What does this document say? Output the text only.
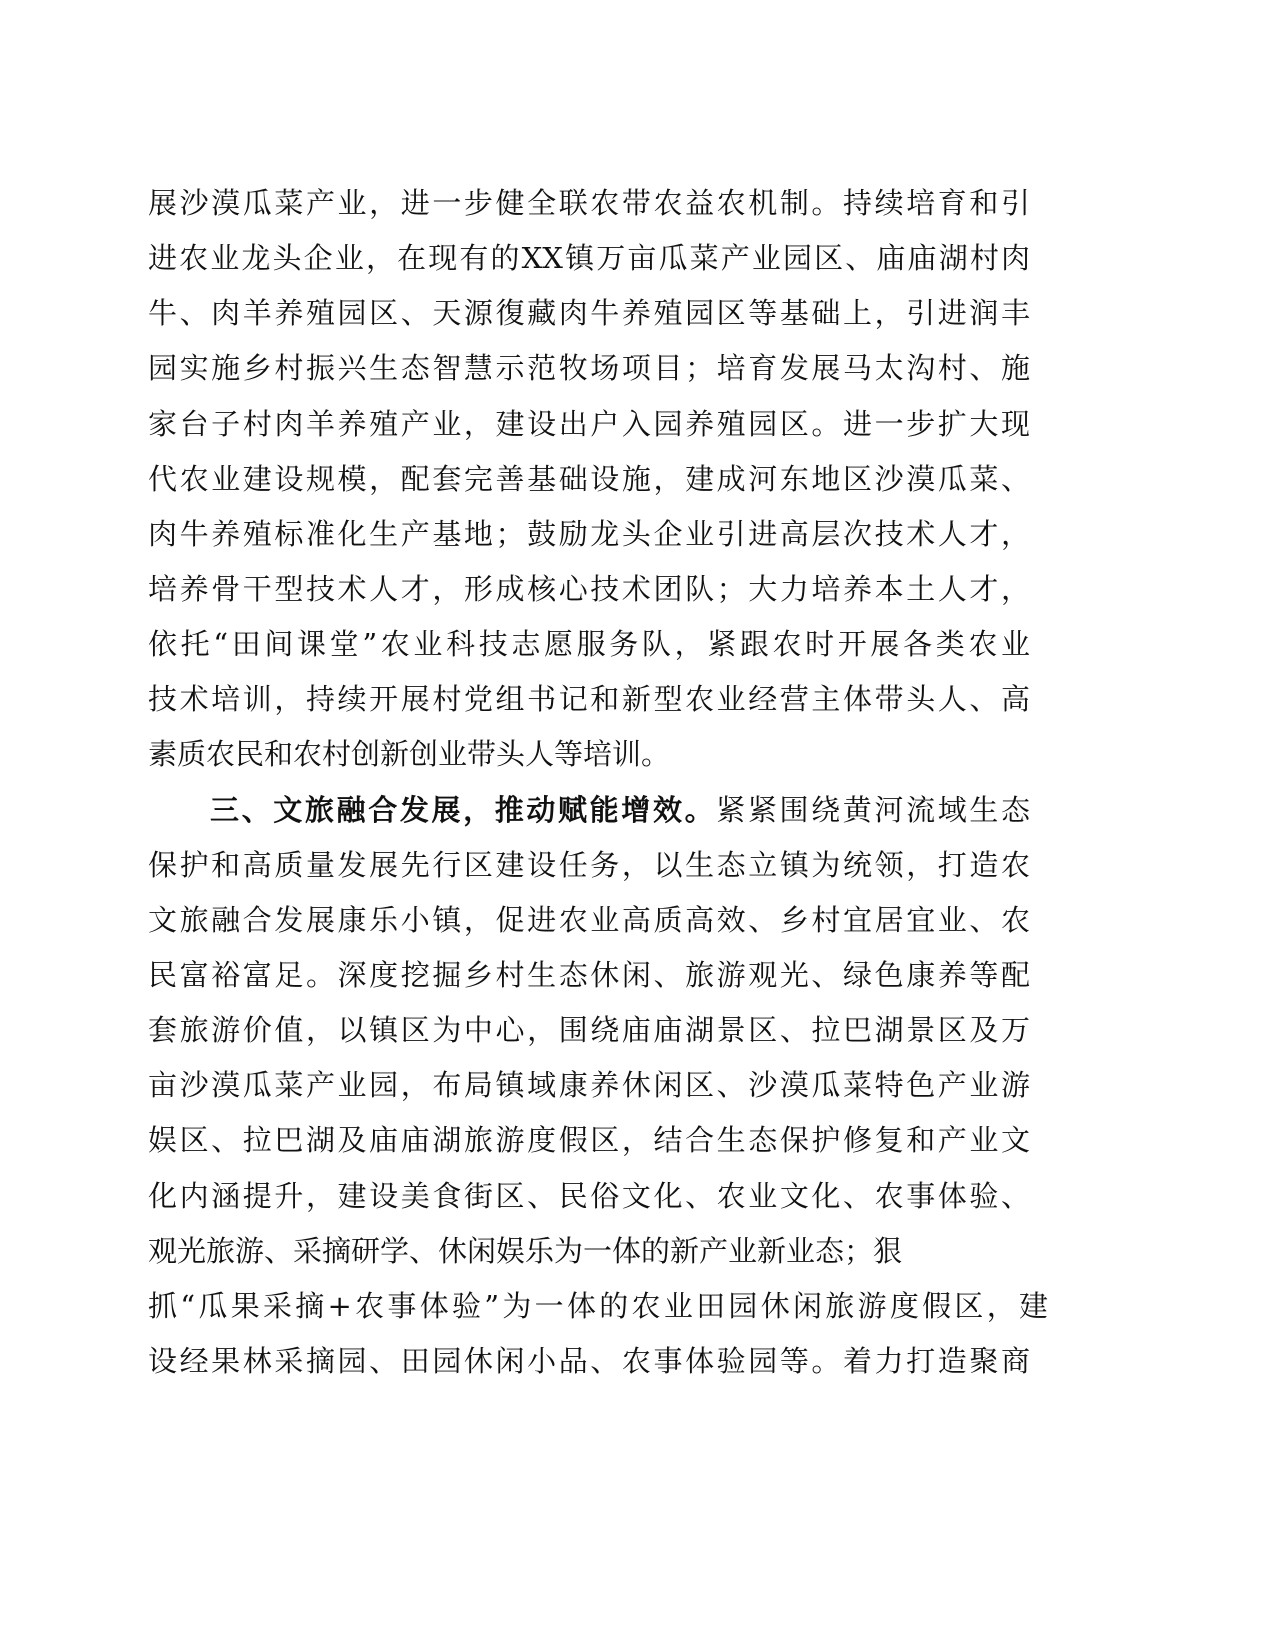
展沙漠瓜菜产业，进一步健全联农带农益农机制。持续培育和引
进农业龙头企业，在现有的XX镇万亩瓜菜产业园区、庙庙湖村肉
牛、肉羊养殖园区、天源復藏肉牛养殖园区等基础上，引进润丰
园实施乡村振兴生态智慧示范牧场项目；培育发展马太沟村、施
家台子村肉羊养殖产业，建设出户入园养殖园区。进一步扩大现
代农业建设规模，配套完善基础设施，建成河东地区沙漠瓜菜、
肉牛养殖标准化生产基地；鼓励龙头企业引进高层次技术人才，
培养骨干型技术人才，形成核心技术团队；大力培养本土人才，
依托“田间课堂”农业科技志愿服务队，紧跟农时开展各类农业
技术培训，持续开展村党组书记和新型农业经营主体带头人、高
素质农民和农村创新创业带头人等培训。
三、文旅融合发展，推动赋能增效。紧紧围绕黄河流域生态
保护和高质量发展先行区建设任务，以生态立镇为统领，打造农
文旅融合发展康乐小镇，促进农业高质高效、乡村宜居宜业、农
民富裕富足。深度挖掘乡村生态休闲、旅游观光、绿色康养等配
套旅游价值，以镇区为中心，围绕庙庙湖景区、拉巴湖景区及万
亩沙漠瓜菜产业园，布局镇域康养休闲区、沙漠瓜菜特色产业游
娱区、拉巴湖及庙庙湖旅游度假区，结合生态保护修复和产业文
化内涵提升，建设美食街区、民俗文化、农业文化、农事体验、
观光旅游、采摘研学、休闲娱乐为一体的新产业新业态；狠
抓“瓜果采摘+农事体验”为一体的农业田园休闲旅游度假区，建
设经果林采摘园、田园休闲小品、农事体验园等。着力打造聚商
